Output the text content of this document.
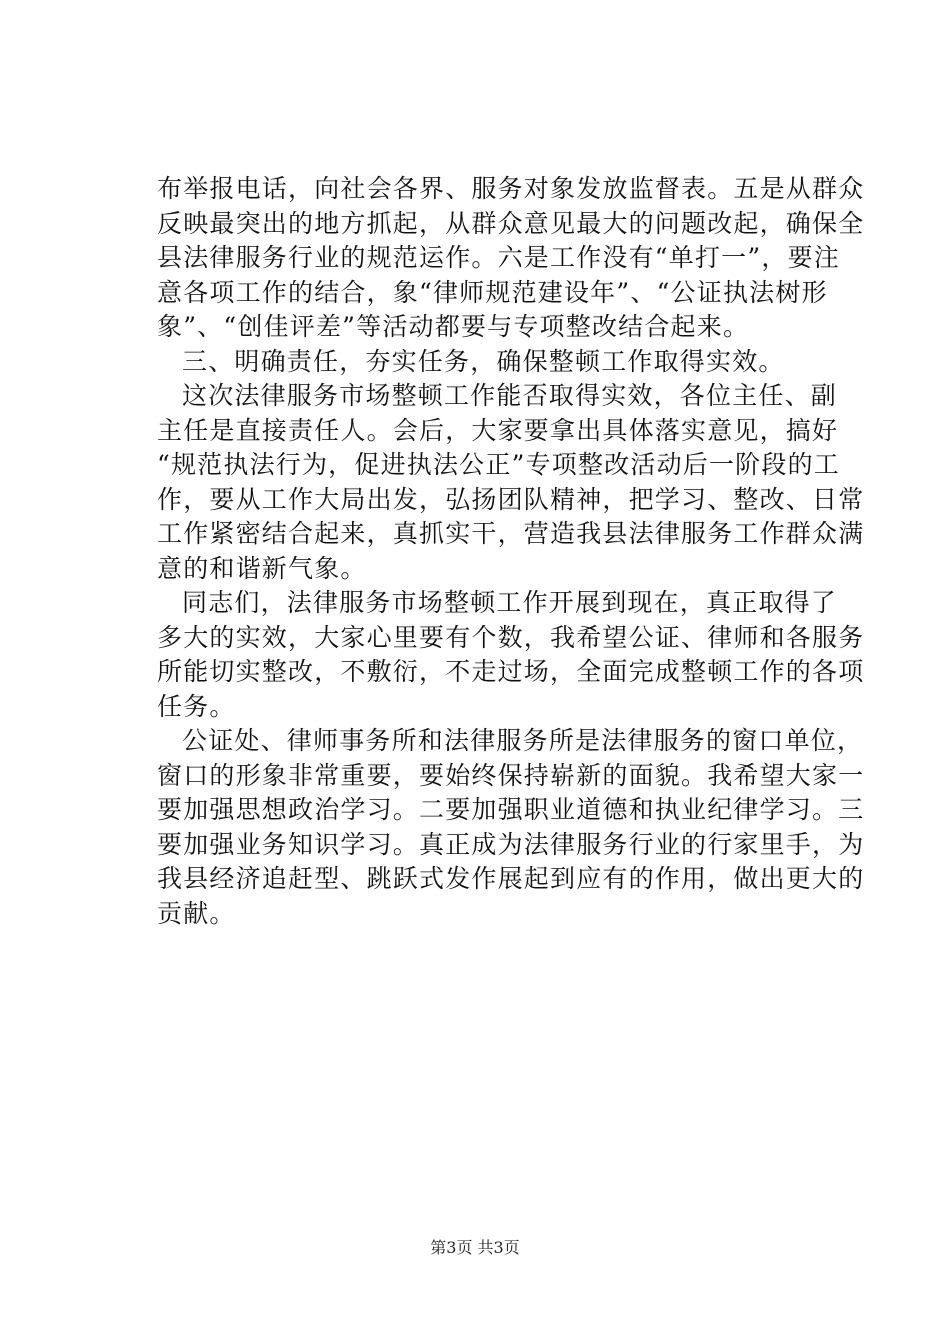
布举报电话，向社会各界、服务对象发放监督表。五是从群众
反映最突出的地方抓起，从群众意见最大的问题改起，确保全
县法律服务行业的规范运作。六是工作没有“单打一”，要注
意各项工作的结合，象“律师规范建设年”、“公证执法树形
象”、“创佳评差”等活动都要与专项整改结合起来。
三、明确责任，夯实任务，确保整顿工作取得实效。
这次法律服务市场整顿工作能否取得实效，各位主任、副
主任是直接责任人。会后，大家要拿出具体落实意见，搞好
“规范执法行为，促进执法公正”专项整改活动后一阶段的工
作，要从工作大局出发，弘扬团队精神，把学习、整改、日常
工作紧密结合起来，真抓实干，营造我县法律服务工作群众满
意的和谐新气象。
同志们，法律服务市场整顿工作开展到现在，真正取得了
多大的实效，大家心里要有个数，我希望公证、律师和各服务
所能切实整改，不敷衍，不走过场，全面完成整顿工作的各项
任务。
公证处、律师事务所和法律服务所是法律服务的窗口单位，
窗口的形象非常重要，要始终保持崭新的面貌。我希望大家一
要加强思想政治学习。二要加强职业道德和执业纪律学习。三
要加强业务知识学习。真正成为法律服务行业的行家里手，为
我县经济追赶型、跳跃式发作展起到应有的作用，做出更大的
贡献。
第3页 共3页
